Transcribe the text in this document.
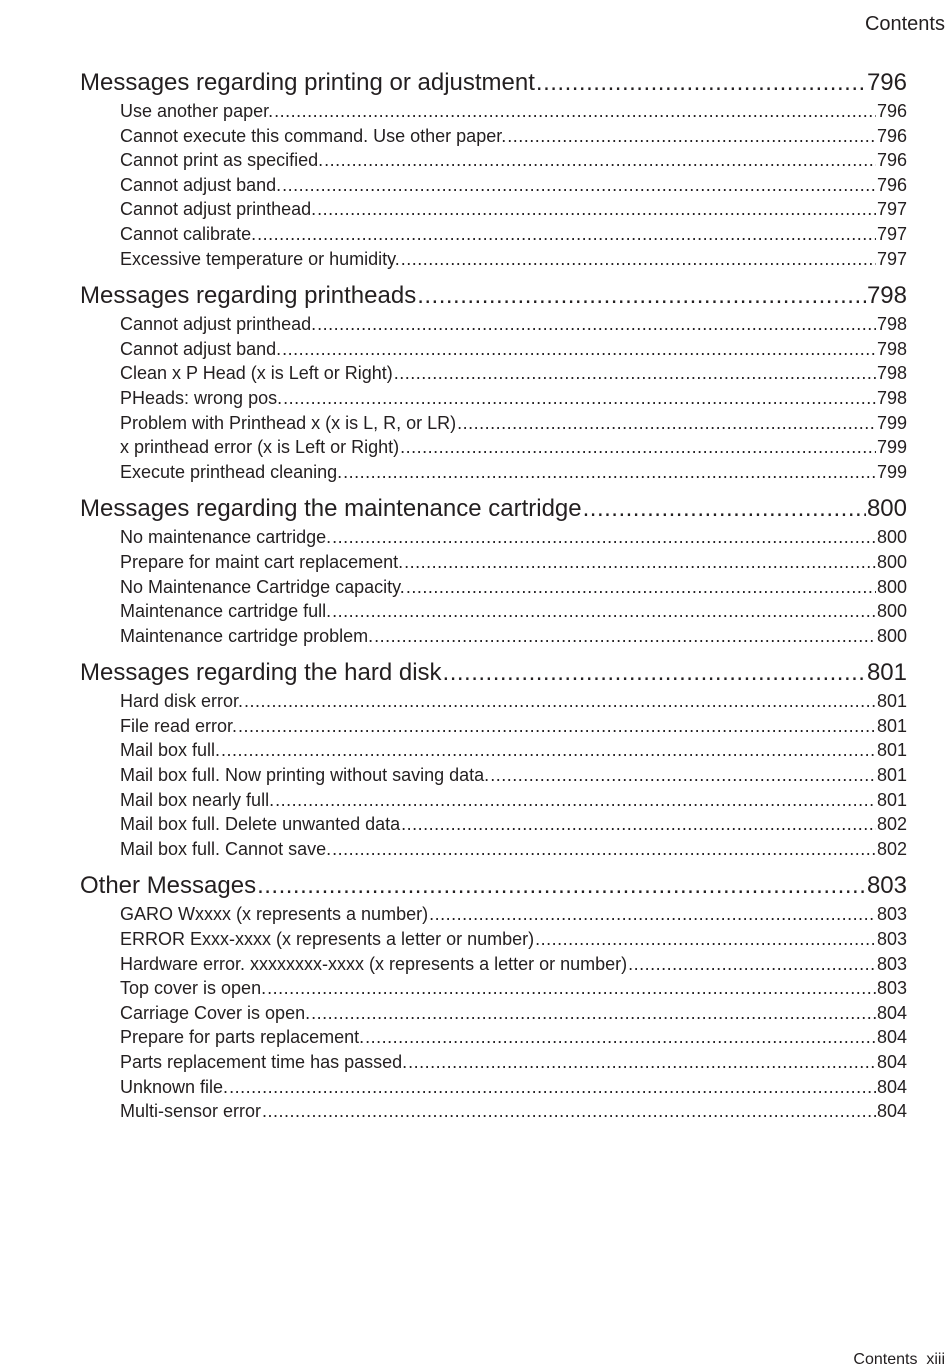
Contents
Messages regarding printing or adjustment .....	796
Use another paper. .....	796
Cannot execute this command. Use other paper. .....	796
Cannot print as specified. .....	796
Cannot adjust band. .....	796
Cannot adjust printhead. .....	797
Cannot calibrate. .....	797
Excessive temperature or humidity. .....	797
Messages regarding printheads .....	798
Cannot adjust printhead. .....	798
Cannot adjust band. .....	798
Clean x P Head (x is Left or Right) .....	798
PHeads: wrong pos. .....	798
Problem with Printhead x (x is L, R, or LR) .....	799
x printhead error (x is Left or Right) .....	799
Execute printhead cleaning. .....	799
Messages regarding the maintenance cartridge .....	800
No maintenance cartridge. .....	800
Prepare for maint cart replacement. .....	800
No Maintenance Cartridge capacity. .....	800
Maintenance cartridge full. .....	800
Maintenance cartridge problem. .....	800
Messages regarding the hard disk .....	801
Hard disk error. .....	801
File read error. .....	801
Mail box full. .....	801
Mail box full. Now printing without saving data. .....	801
Mail box nearly full. .....	801
Mail box full. Delete unwanted data .....	802
Mail box full. Cannot save. .....	802
Other Messages .....	803
GARO Wxxxx (x represents a number) .....	803
ERROR Exxx-xxxx (x represents a letter or number) .....	803
Hardware error. xxxxxxxx-xxxx (x represents a letter or number) .....	803
Top cover is open. .....	803
Carriage Cover is open. .....	804
Prepare for parts replacement. .....	804
Parts replacement time has passed. .....	804
Unknown file. .....	804
Multi-sensor error .....	804
Contents  xiii
